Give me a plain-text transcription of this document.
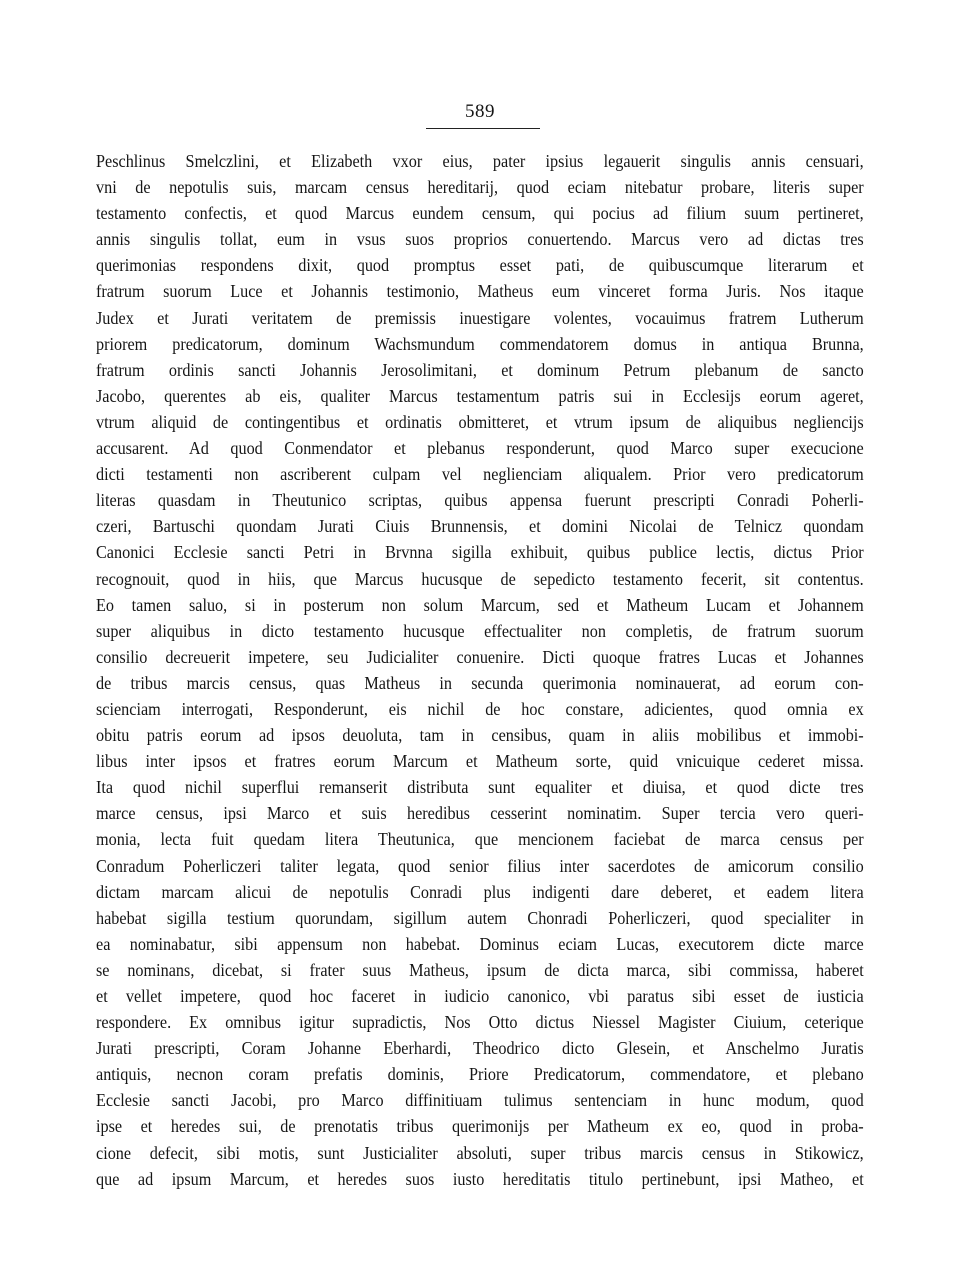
589
Peschlinus Smelczlini, et Elizabeth vxor eius, pater ipsius legauerit singulis annis censuari,
vni de nepotulis suis, marcam census hereditarij, quod eciam nitebatur probare, literis super
testamento confectis, et quod Marcus eundem censum, qui pocius ad filium suum pertineret,
annis singulis tollat, eum in vsus suos proprios conuertendo. Marcus vero ad dictas tres
querimonias respondens dixit, quod promptus esset pati, de quibuscumque literarum et
fratrum suorum Luce et Johannis testimonio, Matheus eum vinceret forma Juris. Nos itaque
Judex et Jurati veritatem de premissis inuestigare volentes, vocauimus fratrem Lutherum
priorem predicatorum, dominum Wachsmundum commendatorem domus in antiqua Brunna,
fratrum ordinis sancti Johannis Jerosolimitani, et dominum Petrum plebanum de sancto
Jacobo, querentes ab eis, qualiter Marcus testamentum patris sui in Ecclesijs eorum ageret,
vtrum aliquid de contingentibus et ordinatis obmitteret, et vtrum ipsum de aliquibus negliencijs
accusarent. Ad quod Conmendator et plebanus responderunt, quod Marco super execucione
dicti testamenti non ascriberent culpam vel neglienciam aliqualem. Prior vero predicatorum
literas quasdam in Theutunico scriptas, quibus appensa fuerunt prescripti Conradi Poherli-
czeri, Bartuschi quondam Jurati Ciuis Brunnensis, et domini Nicolai de Telnicz quondam
Canonici Ecclesie sancti Petri in Brvnna sigilla exhibuit, quibus publice lectis, dictus Prior
recognouit, quod in hiis, que Marcus hucusque de sepedicto testamento fecerit, sit contentus.
Eo tamen saluo, si in posterum non solum Marcum, sed et Matheum Lucam et Johannem
super aliquibus in dicto testamento hucusque effectualiter non completis, de fratrum suorum
consilio decreuerit impetere, seu Judicialiter conuenire. Dicti quoque fratres Lucas et Johannes
de tribus marcis census, quas Matheus in secunda querimonia nominauerat, ad eorum con-
scienciam interrogati, Responderunt, eis nichil de hoc constare, adicientes, quod omnia ex
obitu patris eorum ad ipsos deuoluta, tam in censibus, quam in aliis mobilibus et immobi-
libus inter ipsos et fratres eorum Marcum et Matheum sorte, quid vnicuique cederet missa.
Ita quod nichil superflui remanserit distributa sunt equaliter et diuisa, et quod dicte tres
marce census, ipsi Marco et suis heredibus cesserint nominatim. Super tercia vero queri-
monia, lecta fuit quedam litera Theutunica, que mencionem faciebat de marca census per
Conradum Poherliczeri taliter legata, quod senior filius inter sacerdotes de amicorum consilio
dictam marcam alicui de nepotulis Conradi plus indigenti dare deberet, et eadem litera
habebat sigilla testium quorundam, sigillum autem Chonradi Poherliczeri, quod specialiter in
ea nominabatur, sibi appensum non habebat. Dominus eciam Lucas, executorem dicte marce
se nominans, dicebat, si frater suus Matheus, ipsum de dicta marca, sibi commissa, haberet
et vellet impetere, quod hoc faceret in iudicio canonico, vbi paratus sibi esset de iusticia
respondere. Ex omnibus igitur supradictis, Nos Otto dictus Niessel Magister Ciuium, ceterique
Jurati prescripti, Coram Johanne Eberhardi, Theodrico dicto Glesein, et Anschelmo Juratis
antiquis, necnon coram prefatis dominis, Priore Predicatorum, commendatore, et plebano
Ecclesie sancti Jacobi, pro Marco diffinitiuam tulimus sentenciam in hunc modum, quod
ipse et heredes sui, de prenotatis tribus querimonijs per Matheum ex eo, quod in proba-
cione defecit, sibi motis, sunt Justicialiter absoluti, super tribus marcis census in Stikowicz,
que ad ipsum Marcum, et heredes suos iusto hereditatis titulo pertinebunt, ipsi Matheo, et
